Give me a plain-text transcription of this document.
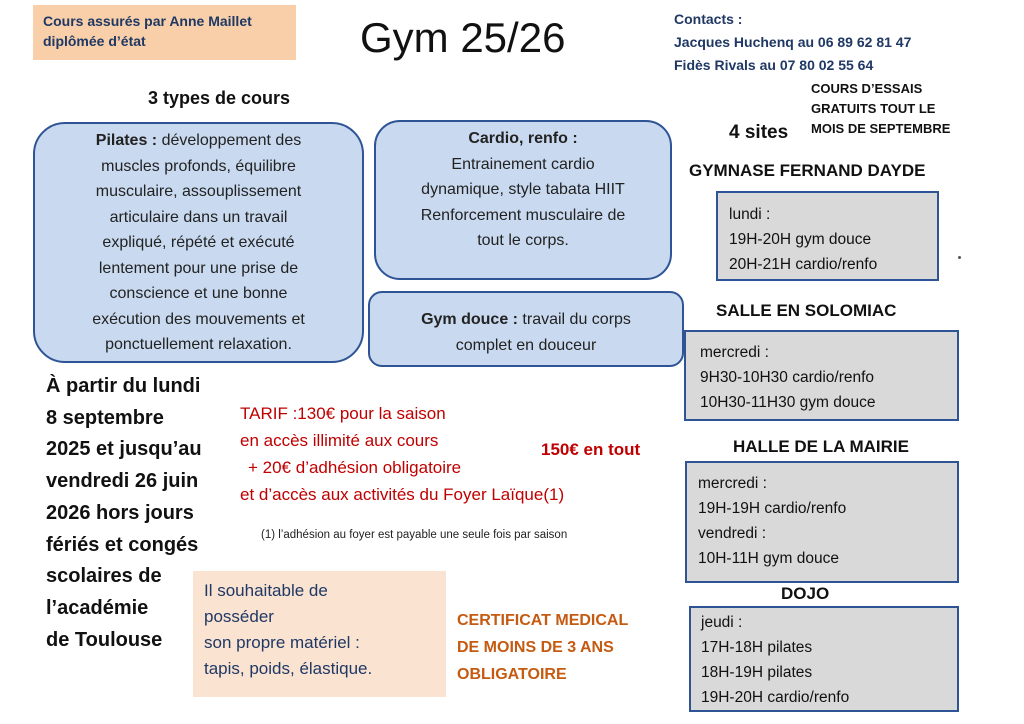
Cours assurés par Anne Maillet
diplômée d’état	Gym 25/26	Contacts :
Jacques Huchenq au 06 89 62 81 47
Fidès Rivals au 07 80 02 55 64
3 types de cours	COURS D’ESSAIS
GRATUITS TOUT LE
MOIS DE SEPTEMBRE
4 sites
Pilates : développement des
muscles profonds, équilibre
musculaire, assouplissement
articulaire dans un travail
expliqué, répété et exécuté
lentement pour une prise de
conscience et une bonne
exécution des mouvements et
ponctuellement relaxation.
Cardio, renfo :
Entrainement cardio
dynamique, style tabata HIIT
Renforcement musculaire de
tout le corps.
Gym douce : travail du corps
complet en douceur
À partir du lundi
8 septembre
2025 et jusqu’au
vendredi 26 juin
2026 hors jours
fériés et congés
scolaires de
l’académie
de Toulouse
TARIF :130€ pour la saison
en accès illimité aux cours
+ 20€ d’adhésion obligatoire
et d’accès aux activités du Foyer Laïque(1)
150€ en tout
(1) l’adhésion au foyer est payable une seule fois par saison
Il souhaitable de
posséder
son propre matériel :
tapis, poids, élastique.
CERTIFICAT MEDICAL
DE MOINS DE 3 ANS
OBLIGATOIRE
GYMNASE FERNAND DAYDE
lundi :
19H-20H gym douce
20H-21H cardio/renfo
SALLE EN SOLOMIAC
mercredi :
9H30-10H30 cardio/renfo
10H30-11H30 gym douce
HALLE DE LA MAIRIE
mercredi :
19H-19H cardio/renfo
vendredi :
10H-11H gym douce
DOJO
jeudi :
17H-18H pilates
18H-19H pilates
19H-20H cardio/renfo
